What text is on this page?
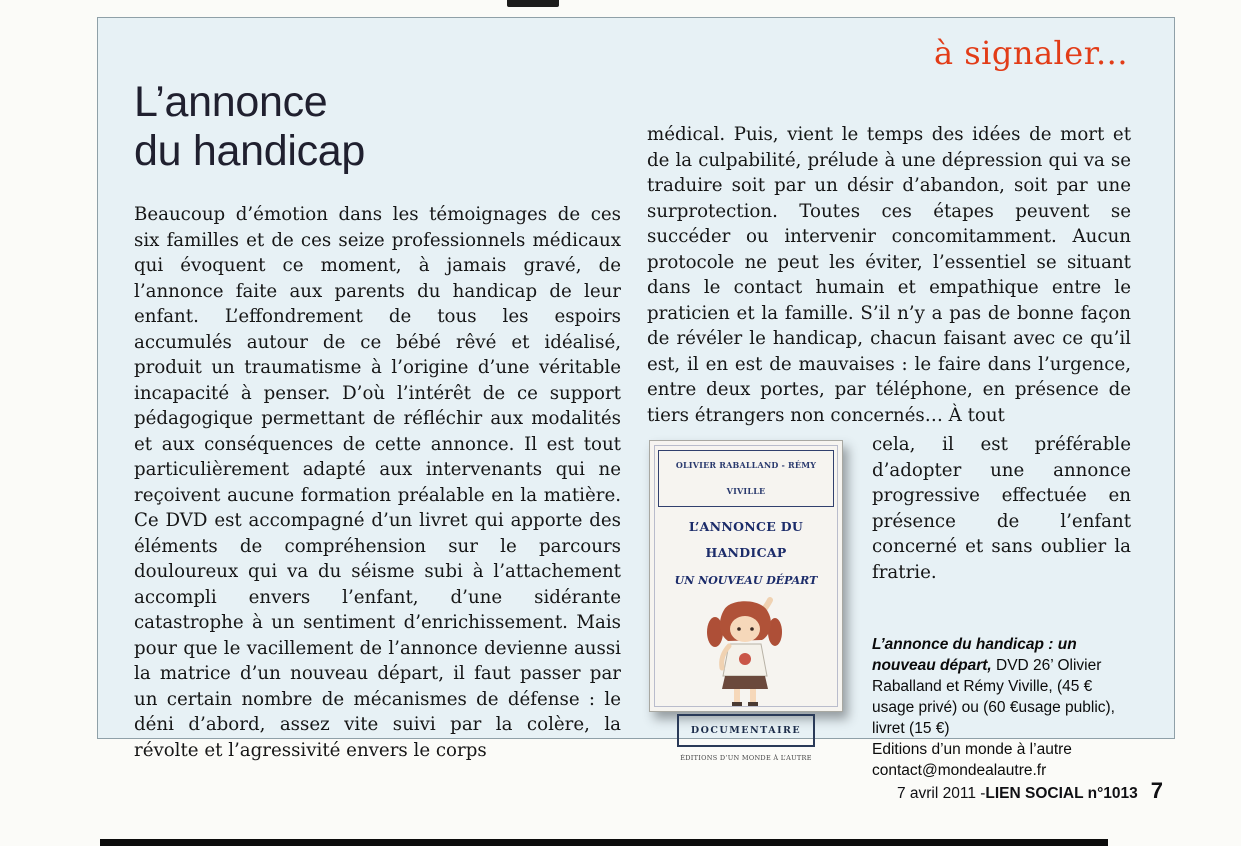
à signaler...
L’annonce
du handicap

Beaucoup d’émotion dans les témoignages de ces six familles et de ces seize professionnels médicaux qui évoquent ce moment, à jamais gravé, de l’annonce faite aux parents du handicap de leur enfant. L’effondrement de tous les espoirs accumulés autour de ce bébé rêvé et idéalisé, produit un traumatisme à l’origine d’une véritable incapacité à penser. D’où l’intérêt de ce support pédagogique permettant de réfléchir aux modalités et aux conséquences de cette annonce. Il est tout particulièrement adapté aux intervenants qui ne reçoivent aucune formation préalable en la matière. Ce DVD est accompagné d’un livret qui apporte des éléments de compréhension sur le parcours douloureux qui va du séisme subi à l’attachement accompli envers l’enfant, d’une sidérante catastrophe à un sentiment d’enrichissement. Mais pour que le vacillement de l’annonce devienne aussi la matrice d’un nouveau départ, il faut passer par un certain nombre de mécanismes de défense : le déni d’abord, assez vite suivi par la colère, la révolte et l’agressivité envers le corps

médical. Puis, vient le temps des idées de mort et de la culpabilité, prélude à une dépression qui va se traduire soit par un désir d’abandon, soit par une surprotection. Toutes ces étapes peuvent se succéder ou intervenir concomitamment. Aucun protocole ne peut les éviter, l’essentiel se situant dans le contact humain et empathique entre le praticien et la famille. S’il n’y a pas de bonne façon de révéler le handicap, chacun faisant avec ce qu’il est, il en est de mauvaises : le faire dans l’urgence, entre deux portes, par téléphone, en présence de tiers étrangers non concernés… À tout

OLIVIER RABALLAND - RÉMY VIVILLE
L’ANNONCE DU HANDICAP
UN NOUVEAU DÉPART
DOCUMENTAIRE
ÉDITIONS D’UN MONDE À L’AUTRE

cela, il est préférable d’adopter une annonce progressive effectuée en présence de l’enfant concerné et sans oublier la fratrie.

L’annonce du handicap : un nouveau départ, DVD 26’ Olivier Raballand et Rémy Viville, (45 € usage privé) ou (60 €usage public), livret (15 €)
Editions d’un monde à l’autre
contact@mondealautre.fr
7 avril 2011 - LIEN SOCIAL n°1013 7
